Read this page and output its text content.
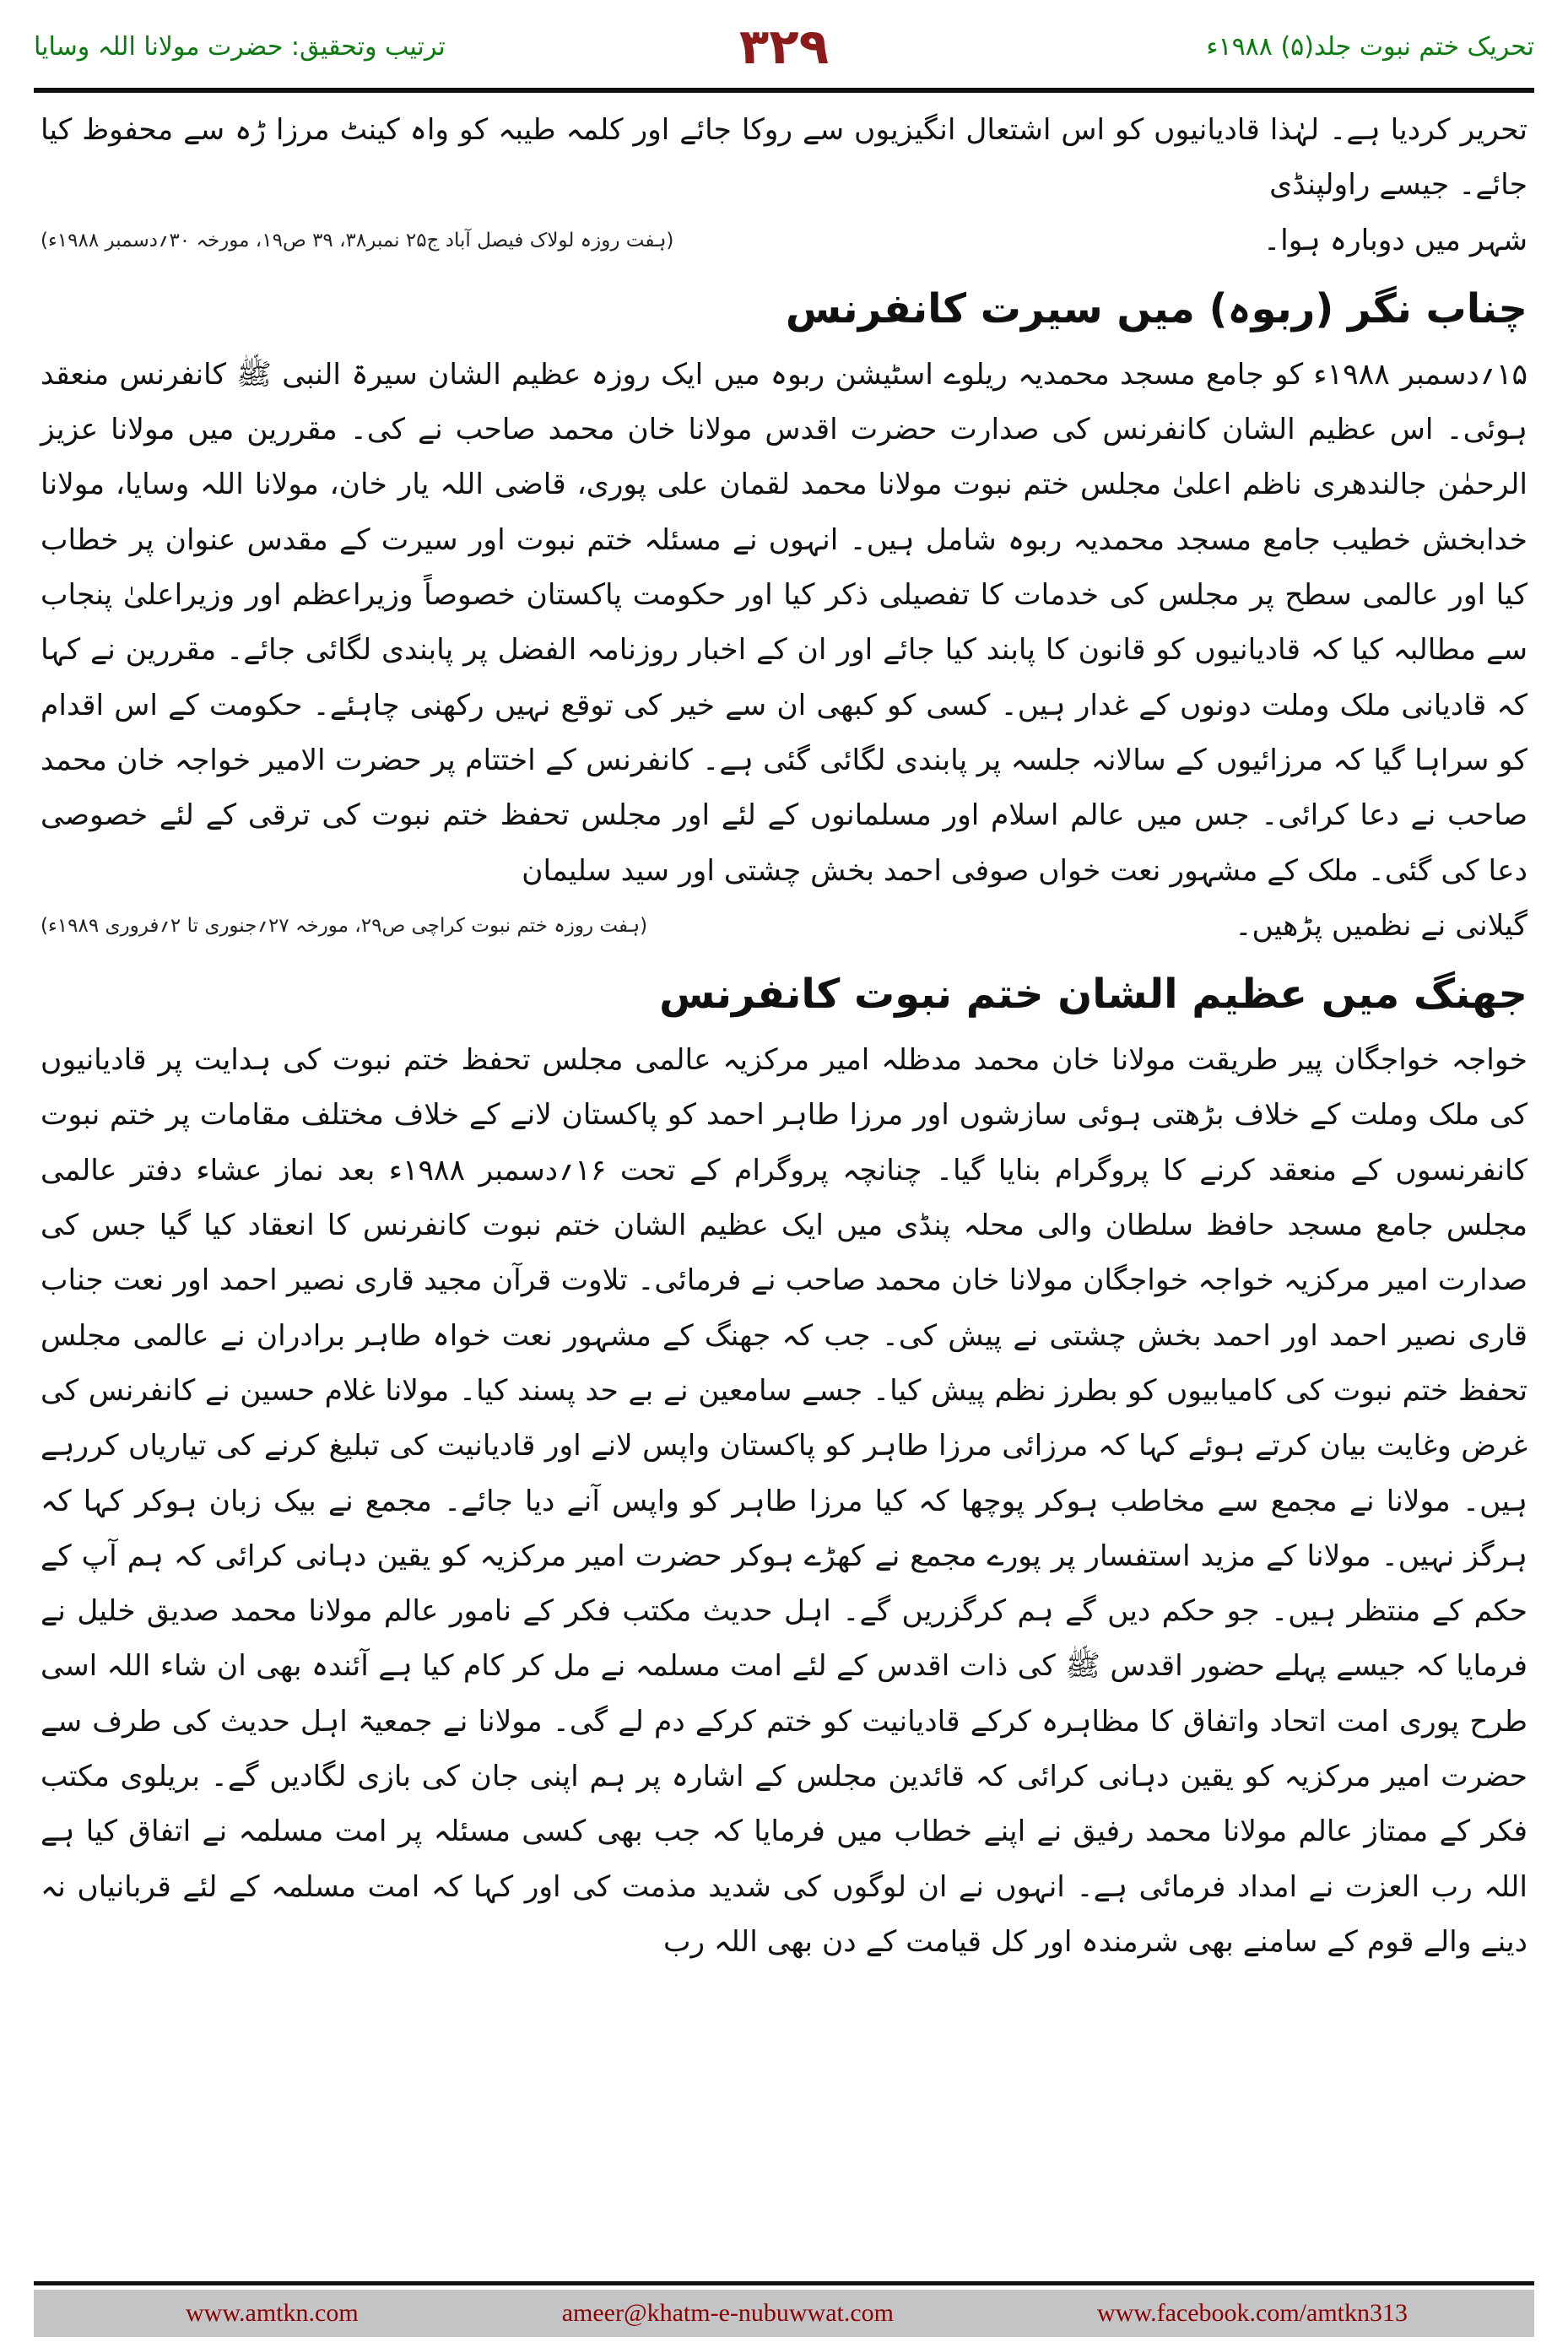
ترتیب وتحقیق: حضرت مولانا اللہ وسایا	۳۲۹	تحریک ختم نبوت جلد(۵) ۱۹۸۸ء

تحریر کردیا ہے۔ لہٰذا قادیانیوں کو اس اشتعال انگیزیوں سے روکا جائے اور کلمہ طیبہ کو واہ کینٹ مرزا ڑہ سے محفوظ کیا جائے۔ جیسے راولپنڈی

شہر میں دوبارہ ہوا۔
(ہفت روزہ لولاک فیصل آباد ج۲۵ نمبر۳۸، ۳۹ ص۱۹، مورخہ ۳۰؍دسمبر ۱۹۸۸ء)
چناب نگر (ربوہ) میں سیرت کانفرنس

۱۵؍دسمبر ۱۹۸۸ء کو جامع مسجد محمدیہ ریلوے اسٹیشن ربوہ میں ایک روزہ عظیم الشان سیرۃ النبی ﷺ کانفرنس منعقد ہوئی۔ اس عظیم الشان کانفرنس کی صدارت حضرت اقدس مولانا خان محمد صاحب نے کی۔ مقررین میں مولانا عزیز الرحمٰن جالندھری ناظم اعلیٰ مجلس ختم نبوت مولانا محمد لقمان علی پوری، قاضی اللہ یار خان، مولانا اللہ وسایا، مولانا خدابخش خطیب جامع مسجد محمدیہ ربوہ شامل ہیں۔ انہوں نے مسئلہ ختم نبوت اور سیرت کے مقدس عنوان پر خطاب کیا اور عالمی سطح پر مجلس کی خدمات کا تفصیلی ذکر کیا اور حکومت پاکستان خصوصاً وزیراعظم اور وزیراعلیٰ پنجاب سے مطالبہ کیا کہ قادیانیوں کو قانون کا پابند کیا جائے اور ان کے اخبار روزنامہ الفضل پر پابندی لگائی جائے۔ مقررین نے کہا کہ قادیانی ملک وملت دونوں کے غدار ہیں۔ کسی کو کبھی ان سے خیر کی توقع نہیں رکھنی چاہئے۔ حکومت کے اس اقدام کو سراہا گیا کہ مرزائیوں کے سالانہ جلسہ پر پابندی لگائی گئی ہے۔ کانفرنس کے اختتام پر حضرت الامیر خواجہ خان محمد صاحب نے دعا کرائی۔ جس میں عالم اسلام اور مسلمانوں کے لئے اور مجلس تحفظ ختم نبوت کی ترقی کے لئے خصوصی دعا کی گئی۔ ملک کے مشہور نعت خواں صوفی احمد بخش چشتی اور سید سلیمان

گیلانی نے نظمیں پڑھیں۔
(ہفت روزہ ختم نبوت کراچی ص۲۹، مورخہ ۲۷؍جنوری تا ۲؍فروری ۱۹۸۹ء)
جھنگ میں عظیم الشان ختم نبوت کانفرنس

خواجہ خواجگان پیر طریقت مولانا خان محمد مدظلہ امیر مرکزیہ عالمی مجلس تحفظ ختم نبوت کی ہدایت پر قادیانیوں کی ملک وملت کے خلاف بڑھتی ہوئی سازشوں اور مرزا طاہر احمد کو پاکستان لانے کے خلاف مختلف مقامات پر ختم نبوت کانفرنسوں کے منعقد کرنے کا پروگرام بنایا گیا۔ چنانچہ پروگرام کے تحت ۱۶؍دسمبر ۱۹۸۸ء بعد نماز عشاء دفتر عالمی مجلس جامع مسجد حافظ سلطان والی محلہ پنڈی میں ایک عظیم الشان ختم نبوت کانفرنس کا انعقاد کیا گیا جس کی صدارت امیر مرکزیہ خواجہ خواجگان مولانا خان محمد صاحب نے فرمائی۔ تلاوت قرآن مجید قاری نصیر احمد اور نعت جناب قاری نصیر احمد اور احمد بخش چشتی نے پیش کی۔ جب کہ جھنگ کے مشہور نعت خواہ طاہر برادران نے عالمی مجلس تحفظ ختم نبوت کی کامیابیوں کو بطرز نظم پیش کیا۔ جسے سامعین نے بے حد پسند کیا۔ مولانا غلام حسین نے کانفرنس کی غرض وغایت بیان کرتے ہوئے کہا کہ مرزائی مرزا طاہر کو پاکستان واپس لانے اور قادیانیت کی تبلیغ کرنے کی تیاریاں کررہے ہیں۔ مولانا نے مجمع سے مخاطب ہوکر پوچھا کہ کیا مرزا طاہر کو واپس آنے دیا جائے۔ مجمع نے بیک زبان ہوکر کہا کہ ہرگز نہیں۔ مولانا کے مزید استفسار پر پورے مجمع نے کھڑے ہوکر حضرت امیر مرکزیہ کو یقین دہانی کرائی کہ ہم آپ کے حکم کے منتظر ہیں۔ جو حکم دیں گے ہم کرگزریں گے۔ اہل حدیث مکتب فکر کے نامور عالم مولانا محمد صدیق خلیل نے فرمایا کہ جیسے پہلے حضور اقدس ﷺ کی ذات اقدس کے لئے امت مسلمہ نے مل کر کام کیا ہے آئندہ بھی ان شاء اللہ اسی طرح پوری امت اتحاد واتفاق کا مظاہرہ کرکے قادیانیت کو ختم کرکے دم لے گی۔ مولانا نے جمعیۃ اہل حدیث کی طرف سے حضرت امیر مرکزیہ کو یقین دہانی کرائی کہ قائدین مجلس کے اشارہ پر ہم اپنی جان کی بازی لگادیں گے۔ بریلوی مکتب فکر کے ممتاز عالم مولانا محمد رفیق نے اپنے خطاب میں فرمایا کہ جب بھی کسی مسئلہ پر امت مسلمہ نے اتفاق کیا ہے اللہ رب العزت نے امداد فرمائی ہے۔ انہوں نے ان لوگوں کی شدید مذمت کی اور کہا کہ امت مسلمہ کے لئے قربانیاں نہ دینے والے قوم کے سامنے بھی شرمندہ اور کل قیامت کے دن بھی اللہ رب

www.amtkn.com	ameer@khatm-e-nubuwwat.com	www.facebook.com/amtkn313
